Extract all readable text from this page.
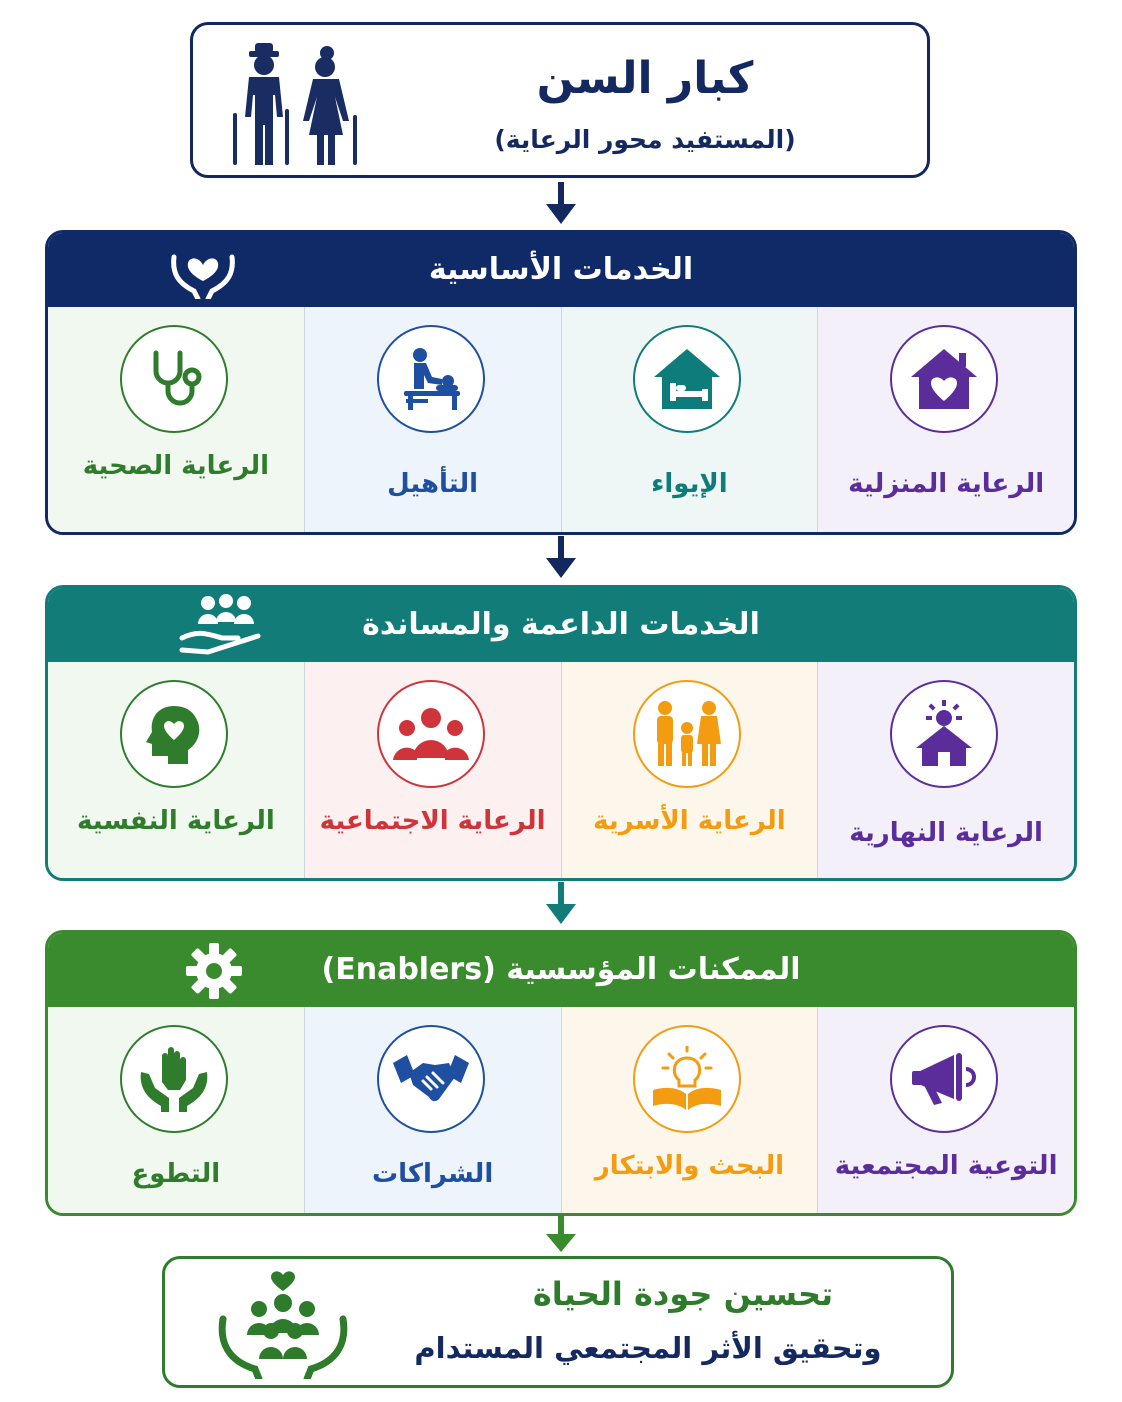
كبار السن
(المستفيد محور الرعاية)
الخدمات الأساسية
الرعاية الصحية
التأهيل	الإيواء	الرعاية المنزلية
الخدمات الداعمة والمساندة
الرعاية النفسية	الرعاية الاجتماعية	الرعاية الأسرية	الرعاية النهارية
الممكنات المؤسسية (Enablers)
التطوع	الشراكات	البحث والابتكار	التوعية المجتمعية
تحسين جودة الحياة
وتحقيق الأثر المجتمعي المستدام
